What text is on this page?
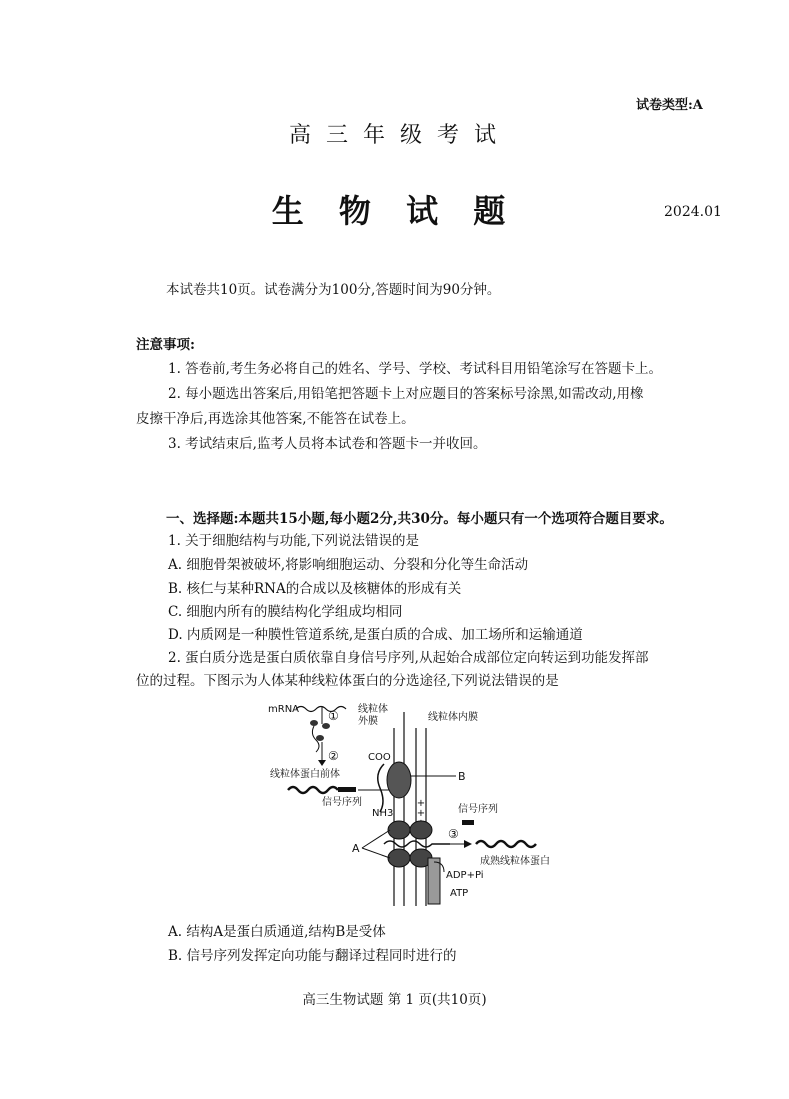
试卷类型:A
高 三 年 级 考 试
生 物 试 题	2024.01
本试卷共10页。试卷满分为100分,答题时间为90分钟。
注意事项:
1. 答卷前,考生务必将自己的姓名、学号、学校、考试科目用铅笔涂写在答题卡上。
2. 每小题选出答案后,用铅笔把答题卡上对应题目的答案标号涂黑,如需改动,用橡
皮擦干净后,再选涂其他答案,不能答在试卷上。
3. 考试结束后,监考人员将本试卷和答题卡一并收回。
一、选择题:本题共15小题,每小题2分,共30分。每小题只有一个选项符合题目要求。
1. 关于细胞结构与功能,下列说法错误的是
A. 细胞骨架被破坏,将影响细胞运动、分裂和分化等生命活动
B. 核仁与某种RNA的合成以及核糖体的形成有关
C. 细胞内所有的膜结构化学组成均相同
D. 内质网是一种膜性管道系统,是蛋白质的合成、加工场所和运输通道
2. 蛋白质分选是蛋白质依靠自身信号序列,从起始合成部位定向转运到功能发挥部
位的过程。下图示为人体某种线粒体蛋白的分选途径,下列说法错误的是
mRNA ①
②
线粒体蛋白前体
信号序列
线粒体
外膜	线粒体内膜
+
+
COO
B
NH3
A
③
信号序列
成熟线粒体蛋白
ADP+Pi
ATP
A. 结构A是蛋白质通道,结构B是受体
B. 信号序列发挥定向功能与翻译过程同时进行的
高三生物试题 第 1 页(共10页)
